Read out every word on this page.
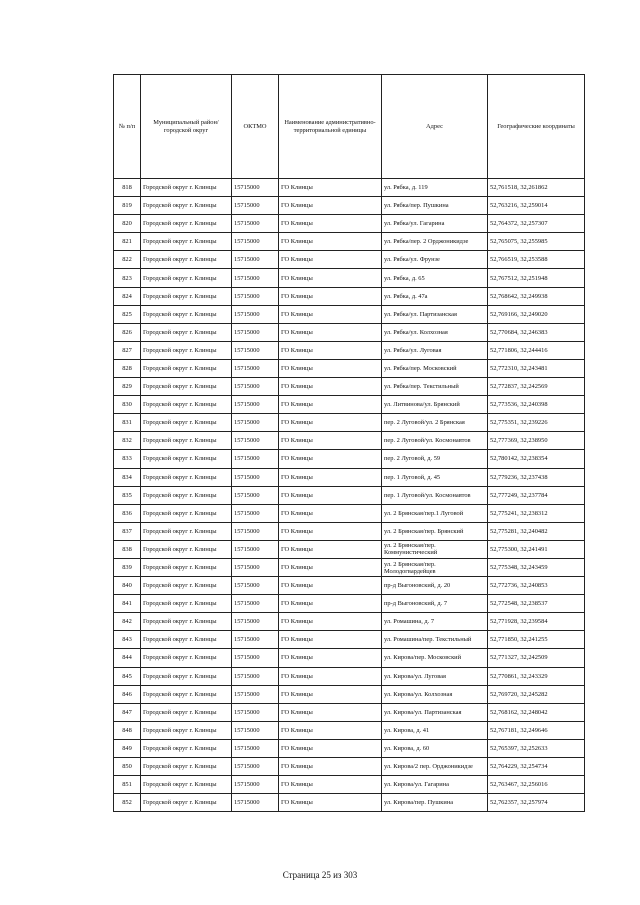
№ п/п	Муниципальный район/городской округ	ОКТМО	Наименование административно-территориальной единицы	Адрес	Географические координаты
818	Городской округ г. Клинцы	15715000	ГО Клинцы	ул. Рябка, д. 119	52,761518, 32,261862
819	Городской округ г. Клинцы	15715000	ГО Клинцы	ул. Рябка/пер. Пушкина	52,763216, 32,259014
820	Городской округ г. Клинцы	15715000	ГО Клинцы	ул. Рябка/ул. Гагарина	52,764372, 32,257307
821	Городской округ г. Клинцы	15715000	ГО Клинцы	ул. Рябка/пер. 2 Орджоникидзе	52,765075, 32,255985
822	Городской округ г. Клинцы	15715000	ГО Клинцы	ул. Рябка/ул. Фрунзе	52,766519, 32,253588
823	Городской округ г. Клинцы	15715000	ГО Клинцы	ул. Рябка, д. 65	52,767512, 32,251948
824	Городской округ г. Клинцы	15715000	ГО Клинцы	ул. Рябка, д. 47а	52,768642, 32,249938
825	Городской округ г. Клинцы	15715000	ГО Клинцы	ул. Рябка/ул. Партизанская	52,769166, 32,249020
826	Городской округ г. Клинцы	15715000	ГО Клинцы	ул. Рябка/ул. Колхозная	52,770684, 32,246383
827	Городской округ г. Клинцы	15715000	ГО Клинцы	ул. Рябка/ул. Луговая	52,771806, 32,244416
828	Городской округ г. Клинцы	15715000	ГО Клинцы	ул. Рябка/пер. Московский	52,772310, 32,243481
829	Городской округ г. Клинцы	15715000	ГО Клинцы	ул. Рябка/пер. Текстильный	52,772837, 32,242569
830	Городской округ г. Клинцы	15715000	ГО Клинцы	ул. Литвинова/ул. Брянский	52,773536, 32,240398
831	Городской округ г. Клинцы	15715000	ГО Клинцы	пер. 2 Луговой/ул. 2 Брянская	52,775351, 32,239226
832	Городской округ г. Клинцы	15715000	ГО Клинцы	пер. 2 Луговой/ул. Космонавтов	52,777369, 32,238950
833	Городской округ г. Клинцы	15715000	ГО Клинцы	пер. 2 Луговой, д. 59	52,780142, 32,238354
834	Городской округ г. Клинцы	15715000	ГО Клинцы	пер. 1 Луговой, д. 45	52,779236, 32,237438
835	Городской округ г. Клинцы	15715000	ГО Клинцы	пер. 1 Луговой/ул. Космонавтов	52,777249, 32,237784
836	Городской округ г. Клинцы	15715000	ГО Клинцы	ул. 2 Брянская/пер.1 Луговой	52,775241, 32,238312
837	Городской округ г. Клинцы	15715000	ГО Клинцы	ул. 2 Брянская/пер. Брянский	52,775281, 32,240482
838	Городской округ г. Клинцы	15715000	ГО Клинцы	ул. 2 Брянская/пер. Коммунистический	52,775300, 32,241491
839	Городской округ г. Клинцы	15715000	ГО Клинцы	ул. 2 Брянская/пер. Молодогвардейцев	52,775348, 32,243459
840	Городской округ г. Клинцы	15715000	ГО Клинцы	пр-д Выгоновский, д. 20	52,772736, 32,240853
841	Городской округ г. Клинцы	15715000	ГО Клинцы	пр-д Выгоновский, д. 7	52,772548, 32,238537
842	Городской округ г. Клинцы	15715000	ГО Клинцы	ул. Ромашина, д. 7	52,771928, 32,239584
843	Городской округ г. Клинцы	15715000	ГО Клинцы	ул. Ромашина/пер. Текстильный	52,771850, 32,241255
844	Городской округ г. Клинцы	15715000	ГО Клинцы	ул. Кирова/пер. Московский	52,771327, 32,242509
845	Городской округ г. Клинцы	15715000	ГО Клинцы	ул. Кирова/ул. Луговая	52,770861, 32,243329
846	Городской округ г. Клинцы	15715000	ГО Клинцы	ул. Кирова/ул. Колхозная	52,769720, 32,245282
847	Городской округ г. Клинцы	15715000	ГО Клинцы	ул. Кирова/ул. Партизанская	52,768162, 32,248042
848	Городской округ г. Клинцы	15715000	ГО Клинцы	ул. Кирова, д. 41	52,767181, 32,249646
849	Городской округ г. Клинцы	15715000	ГО Клинцы	ул. Кирова, д. 60	52,765397, 32,252633
850	Городской округ г. Клинцы	15715000	ГО Клинцы	ул. Кирова/2 пер. Орджоникидзе	52,764229, 32,254734
851	Городской округ г. Клинцы	15715000	ГО Клинцы	ул. Кирова/ул. Гагарина	52,763467, 32,256016
852	Городской округ г. Клинцы	15715000	ГО Клинцы	ул. Кирова/пер. Пушкина	52,762357, 32,257974
Страница 25 из 303
